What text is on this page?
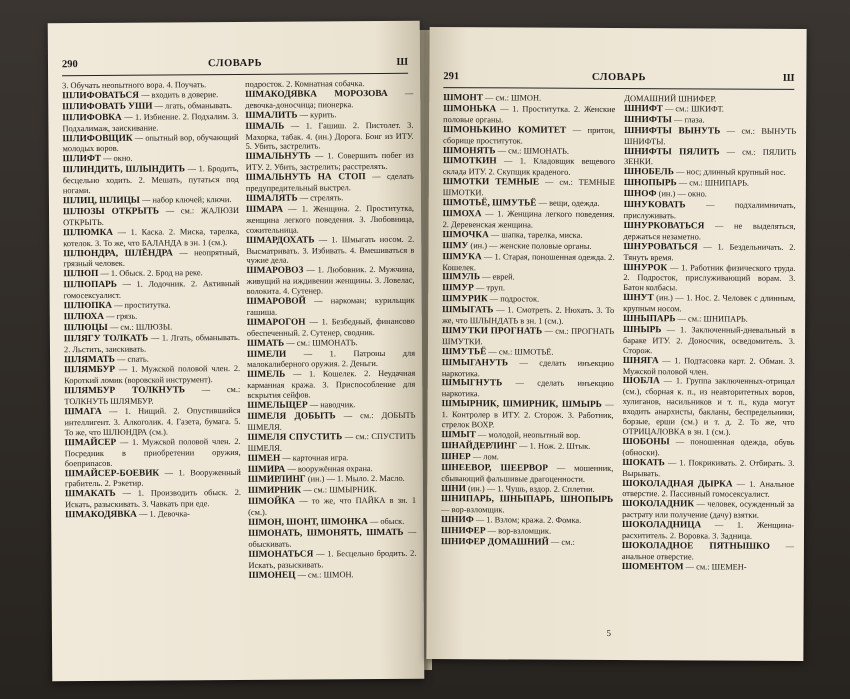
290	СЛОВАРЬ	Ш

3. Обучать неопытного вора. 4. Поучать.

ШЛИФОВАТЬСЯ — входить в доверие.

ШЛИФОВАТЬ УШИ — лгать, обманывать.

ШЛИФОВКА — 1. Избиение. 2. Подхалим. 3. Подхалимаж, заискивание.

ШЛИФОВЩИК — опытный вор, обучающий молодых воров.

ШЛИФТ — окно.

ШЛИНДИТЬ, ШЛЫНДИТЬ — 1. Бродить, бесцельно ходить. 2. Мешать, путаться под ногами.

ШЛИЦ, ШЛИЦЫ — набор ключей; ключи.

ШЛЮЗЫ ОТКРЫТЬ — см.: ЖАЛЮЗИ ОТКРЫТЬ.

ШЛЮМКА — 1. Каска. 2. Миска, тарелка, котелок. 3. То же, что БАЛАНДА в зн. 1 (см.).

ШЛЮНДРА, ШЛЁНДРА — неопрятный, грязный человек.

ШЛЮП — 1. Обыск. 2. Брод на реке.

ШЛЮПАРЬ — 1. Лодочник. 2. Активный гомосексуалист.

ШЛЮПКА — проститутка.

ШЛЮХА — грязь.

ШЛЮЦЫ — см.: ШЛЮЗЫ.

ШЛЯГУ ТОЛКАТЬ — 1. Лгать, обманывать. 2. Льстить, заискивать.

ШЛЯМАТЬ — спать.

ШЛЯМБУР — 1. Мужской половой член. 2. Короткий ломик (воровской инструмент).

ШЛЯМБУР ТОЛКНУТЬ — см.: ТОЛКНУТЬ ШЛЯМБУР.

ШМАГА — 1. Нищий. 2. Опустившийся интеллигент. 3. Алкоголик. 4. Газета, бумага. 5. То же, что ШЛЮНДРА (см.).

ШМАЙСЕР — 1. Мужской половой член. 2. Посредник в приобретении оружия, боеприпасов.

ШМАЙСЕР-БОЕВИК — 1. Вооруженный грабитель. 2. Рэкетир.

ШМАКАТЬ — 1. Производить обыск. 2. Искать, разыскивать. 3. Чавкать при еде.

ШМАКОДЯВКА — 1. Девочка-

подросток. 2. Комнатная собачка.

ШМАКОДЯВКА МОРОЗОВА — девочка-доносчица; пионерка.

ШМАЛИТЬ — курить.

ШМАЛЬ — 1. Гашиш. 2. Пистолет. 3. Махорка, табак. 4. (ин.) Дорога. Бонг из ИТУ. 5. Убить, застрелить.

ШМАЛЬНУТЬ — 1. Совершить побег из ИТУ. 2. Убить, застрелить; расстрелять.

ШМАЛЬНУТЬ НА СТОП — сделать предупредительный выстрел.

ШМАЛЯТЬ — стрелять.

ШМАРА — 1. Женщина. 2. Проститутка, женщина легкого поведения. 3. Любовница, сожительница.

ШМАРДОХАТЬ — 1. Шмыгать носом. 2. Высматривать. 3. Избивать. 4. Вмешиваться в чужие дела.

ШМАРОВОЗ — 1. Любовник. 2. Мужчина, живущий на иждивении женщины. 3. Ловелас, волокита. 4. Сутенер.

ШМАРОВОЙ — наркоман; курильщик гашиша.

ШМАРОГОН — 1. Безбедный, финансово обеспеченный. 2. Сутенер, сводник.

ШМАТЬ — см.: ШМОНАТЬ.

ШМЕЛИ — 1. Патроны для малокалиберного оружия. 2. Деньги.

ШМЕЛЬ — 1. Кошелек. 2. Неудачная карманная кража. 3. Приспособление для вскрытия сейфов.

ШМЕЛЬЩЕР — наводчик.

ШМЕЛЯ ДОБЫТЬ — см.: ДОБЫТЬ ШМЕЛЯ.

ШМЕЛЯ СПУСТИТЬ — см.: СПУСТИТЬ ШМЕЛЯ.

ШМЕН — карточная игра.

ШМИРА — вооружённая охрана.

ШМИРЛИНГ (ин.) — 1. Мыло. 2. Масло.

ШМИРНИК — см.: ШМЫРНИК.

ШМОЙКА — то же, что ПАЙКА в зн. 1 (см.).

ШМОН, ШОНТ, ШМОНКА — обыск.

ШМОНАТЬ, ШМОНЯТЬ, ШМАТЬ — обыскивать.

ШМОНАТЬСЯ — 1. Бесцельно бродить. 2. Искать, разыскивать.

ШМОНЕЦ — см.: ШМОН.

291	СЛОВАРЬ	Ш

ШМОНТ — см.: ШМОН.

ШМОНЬКА — 1. Проститутка. 2. Женские половые органы.

ШМОНЬКИНО КОМИТЕТ — притон, сборище проституток.

ШМОНЯТЬ — см.: ШМОНАТЬ.

ШМОТКИН — 1. Кладовщик вещевого склада ИТУ. 2. Скупщик краденого.

ШМОТКИ ТЕМНЫЕ — см.: ТЕМНЫЕ ШМОТКИ.

ШМОТЬЁ, ШМУТЬЁ — вещи, одежда.

ШМОХА — 1. Женщина легкого поведения. 2. Деревенская женщина.

ШМОЧКА — шапка, тарелка, миска.

ШМУ (ин.) — женские половые органы.

ШМУКА — 1. Старая, поношенная одежда. 2. Кошелек.

ШМУЛЬ — еврей.

ШМУР — труп.

ШМУРИК — подросток.

ШМЫГАТЬ — 1. Смотреть. 2. Нюхать. 3. То же, что ШЛЫНДАТЬ в зн. 1 (см.).

ШМУТКИ ПРОГНАТЬ — см.: ПРОГНАТЬ ШМУТКИ.

ШМУТЬЁ — см.: ШМОТЬЁ.

ШМЫГАНУТЬ — сделать инъекцию наркотика.

ШМЫГНУТЬ — сделать инъекцию наркотика.

ШМЫРНИК, ШМИРНИК, ШМЫРЬ — 1. Контролер в ИТУ. 2. Сторож. 3. Работник, стрелок ВОХР.

ШМЫТ — молодой, неопытный вор.

ШНАЙДЕРЛИНГ — 1. Нож. 2. Штык.

ШНЕР — лом.

ШНЕЕВОР, ШЕЕРВОР — мошенник, сбывающий фальшивые драгоценности.

ШНИ (ин.) — 1. Чушь, вздор. 2. Сплетни.

ШНИПАРЬ, ШНЫПАРЬ, ШНОПЫРЬ — вор-взломщик.

ШНИФ — 1. Взлом; кража. 2. Фомка.

ШНИФЕР — вор-взломщик.

ШНИФЕР ДОМАШНИЙ — см.:

ДОМАШНИЙ ШНИФЕР.

ШНИФТ — см.: ШКИФТ.

ШНИФТЫ — глаза.

ШНИФТЫ ВЫНУТЬ — см.: ВЫНУТЬ ШНИФТЫ.

ШНИФТЫ ПЯЛИТЬ — см.: ПЯЛИТЬ ЗЕНКИ.

ШНОБЕЛЬ — нос; длинный крупный нос.

ШНОПЫРЬ — см.: ШНИПАРЬ.

ШНОФ (ин.) — окно.

ШНУКОВАТЬ — подхалимничать, прислуживать.

ШНУРКОВАТЬСЯ — не выделяться, держаться незаметно.

ШНУРОВАТЬСЯ — 1. Бездельничать. 2. Тянуть время.

ШНУРОК — 1. Работник физического труда. 2. Подросток, прислуживающий ворам. 3. Батон колбасы.

ШНУТ (ин.) — 1. Нос. 2. Человек с длинным, крупным носом.

ШНЫПАРЬ — см.: ШНИПАРЬ.

ШНЫРЬ — 1. Заключенный-дневальный в бараке ИТУ. 2. Доносчик, осведомитель. 3. Сторож.

ШНЯГА — 1. Подтасовка карт. 2. Обман. 3. Мужской половой член.

ШОБЛА — 1. Группа заключенных-отрицал (см.), сборная к. п., из неавторитетных воров, хулиганов, насильников и т. п., куда могут входить анархисты, бакланы, беспредельники, борзые, ерши (см.) и т. д. 2. То же, что ОТРИЦАЛОВКА в зн. 1 (см.).

ШОБОНЫ — поношенная одежда, обувь (обноски).

ШОКАТЬ — 1. Покрикивать. 2. Отбирать. 3. Вырывать.

ШОКОЛАДНАЯ ДЫРКА — 1. Анальное отверстие. 2. Пассивный гомосексуалист.

ШОКОЛАДНИК — человек, осужденный за растрату или получение (дачу) взятки.

ШОКОЛАДНИЦА — 1. Женщина-расхититель. 2. Воровка. 3. Задница.

ШОКОЛАДНОЕ ПЯТНЫШКО — анальное отверстие.

ШОМЕНТОМ — см.: ШЕМЕН-

5
